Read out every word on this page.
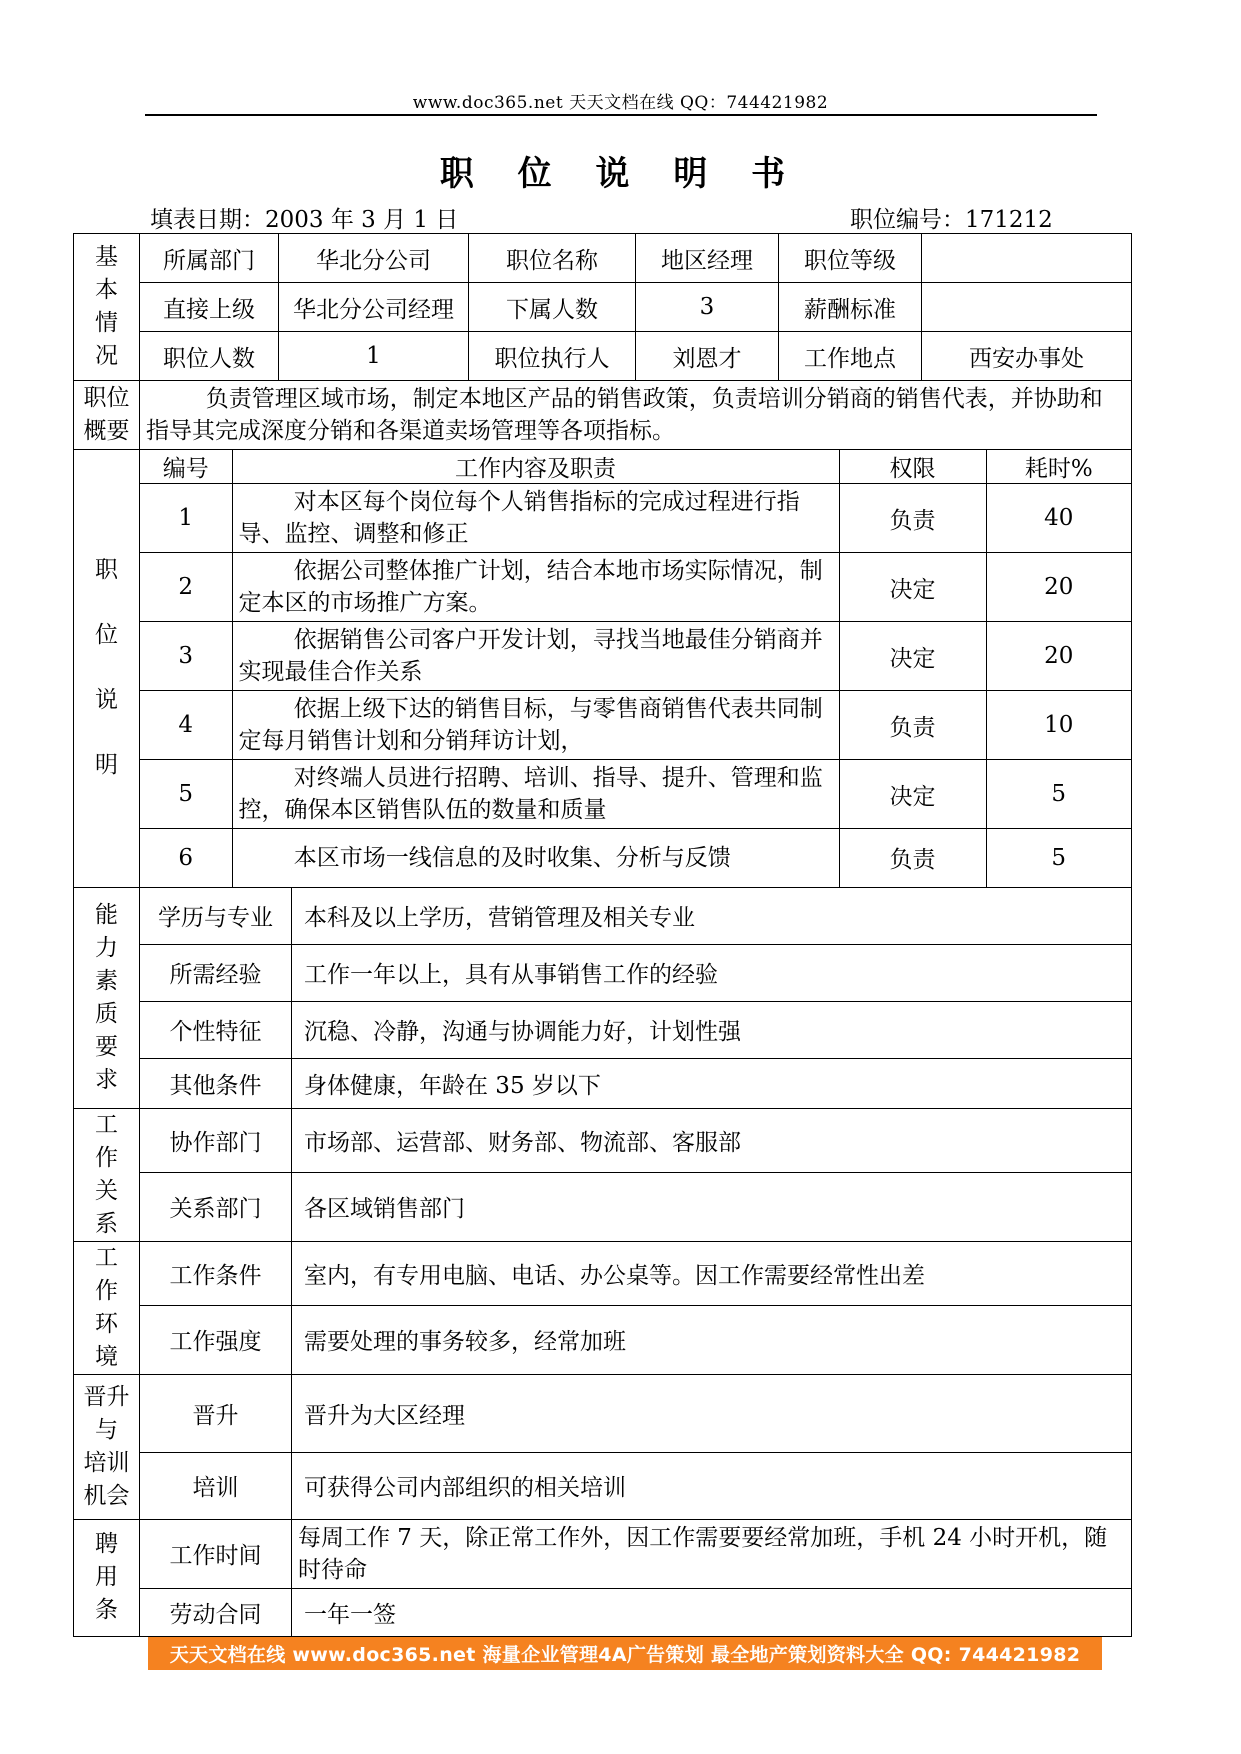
www.doc365.net 天天文档在线 QQ：744421982
职 位 说 明 书
填表日期：2003 年 3 月 1 日	职位编号：171212
基
本
情
况
	所属部门	华北分公司	职位名称	地区经理	职位等级	
直接上级	华北分公司经理	下属人数	3	薪酬标准	
职位人数	1	职位执行人	刘恩才	工作地点	西安办事处

职位
概要
	负责管理区域市场，制定本地区产品的销售政策，负责培训分销商的销售代表，并协助和指导其完成深度分销和各渠道卖场管理等各项指标。

职
位
说
明

编号	工作内容及职责	权限	耗时%
1	对本区每个岗位每个人销售指标的完成过程进行指导、监控、调整和修正	负责	40
2	依据公司整体推广计划，结合本地市场实际情况，制定本区的市场推广方案。	决定	20
3	依据销售公司客户开发计划，寻找当地最佳分销商并实现最佳合作关系	决定	20
4	依据上级下达的销售目标，与零售商销售代表共同制定每月销售计划和分销拜访计划，	负责	10
5	对终端人员进行招聘、培训、指导、提升、管理和监控，确保本区销售队伍的数量和质量	决定	5
6	本区市场一线信息的及时收集、分析与反馈	负责	5

能
力
素
质
要
求
	学历与专业	本科及以上学历，营销管理及相关专业
所需经验	工作一年以上，具有从事销售工作的经验
个性特征	沉稳、冷静，沟通与协调能力好，计划性强
其他条件	身体健康，年龄在 35 岁以下

工
作
关
系
	协作部门	市场部、运营部、财务部、物流部、客服部
关系部门	各区域销售部门

工
作
环
境
	工作条件	室内，有专用电脑、电话、办公桌等。因工作需要经常性出差
工作强度	需要处理的事务较多，经常加班

晋升
与
培训
机会
	晋升	晋升为大区经理
培训	可获得公司内部组织的相关培训

聘
用
条
	工作时间	每周工作 7 天，除正常工作外，因工作需要要经常加班，手机 24 小时开机，随时待命
劳动合同	一年一签
天天文档在线 www.doc365.net 海量企业管理4A广告策划 最全地产策划资料大全 QQ: 744421982
